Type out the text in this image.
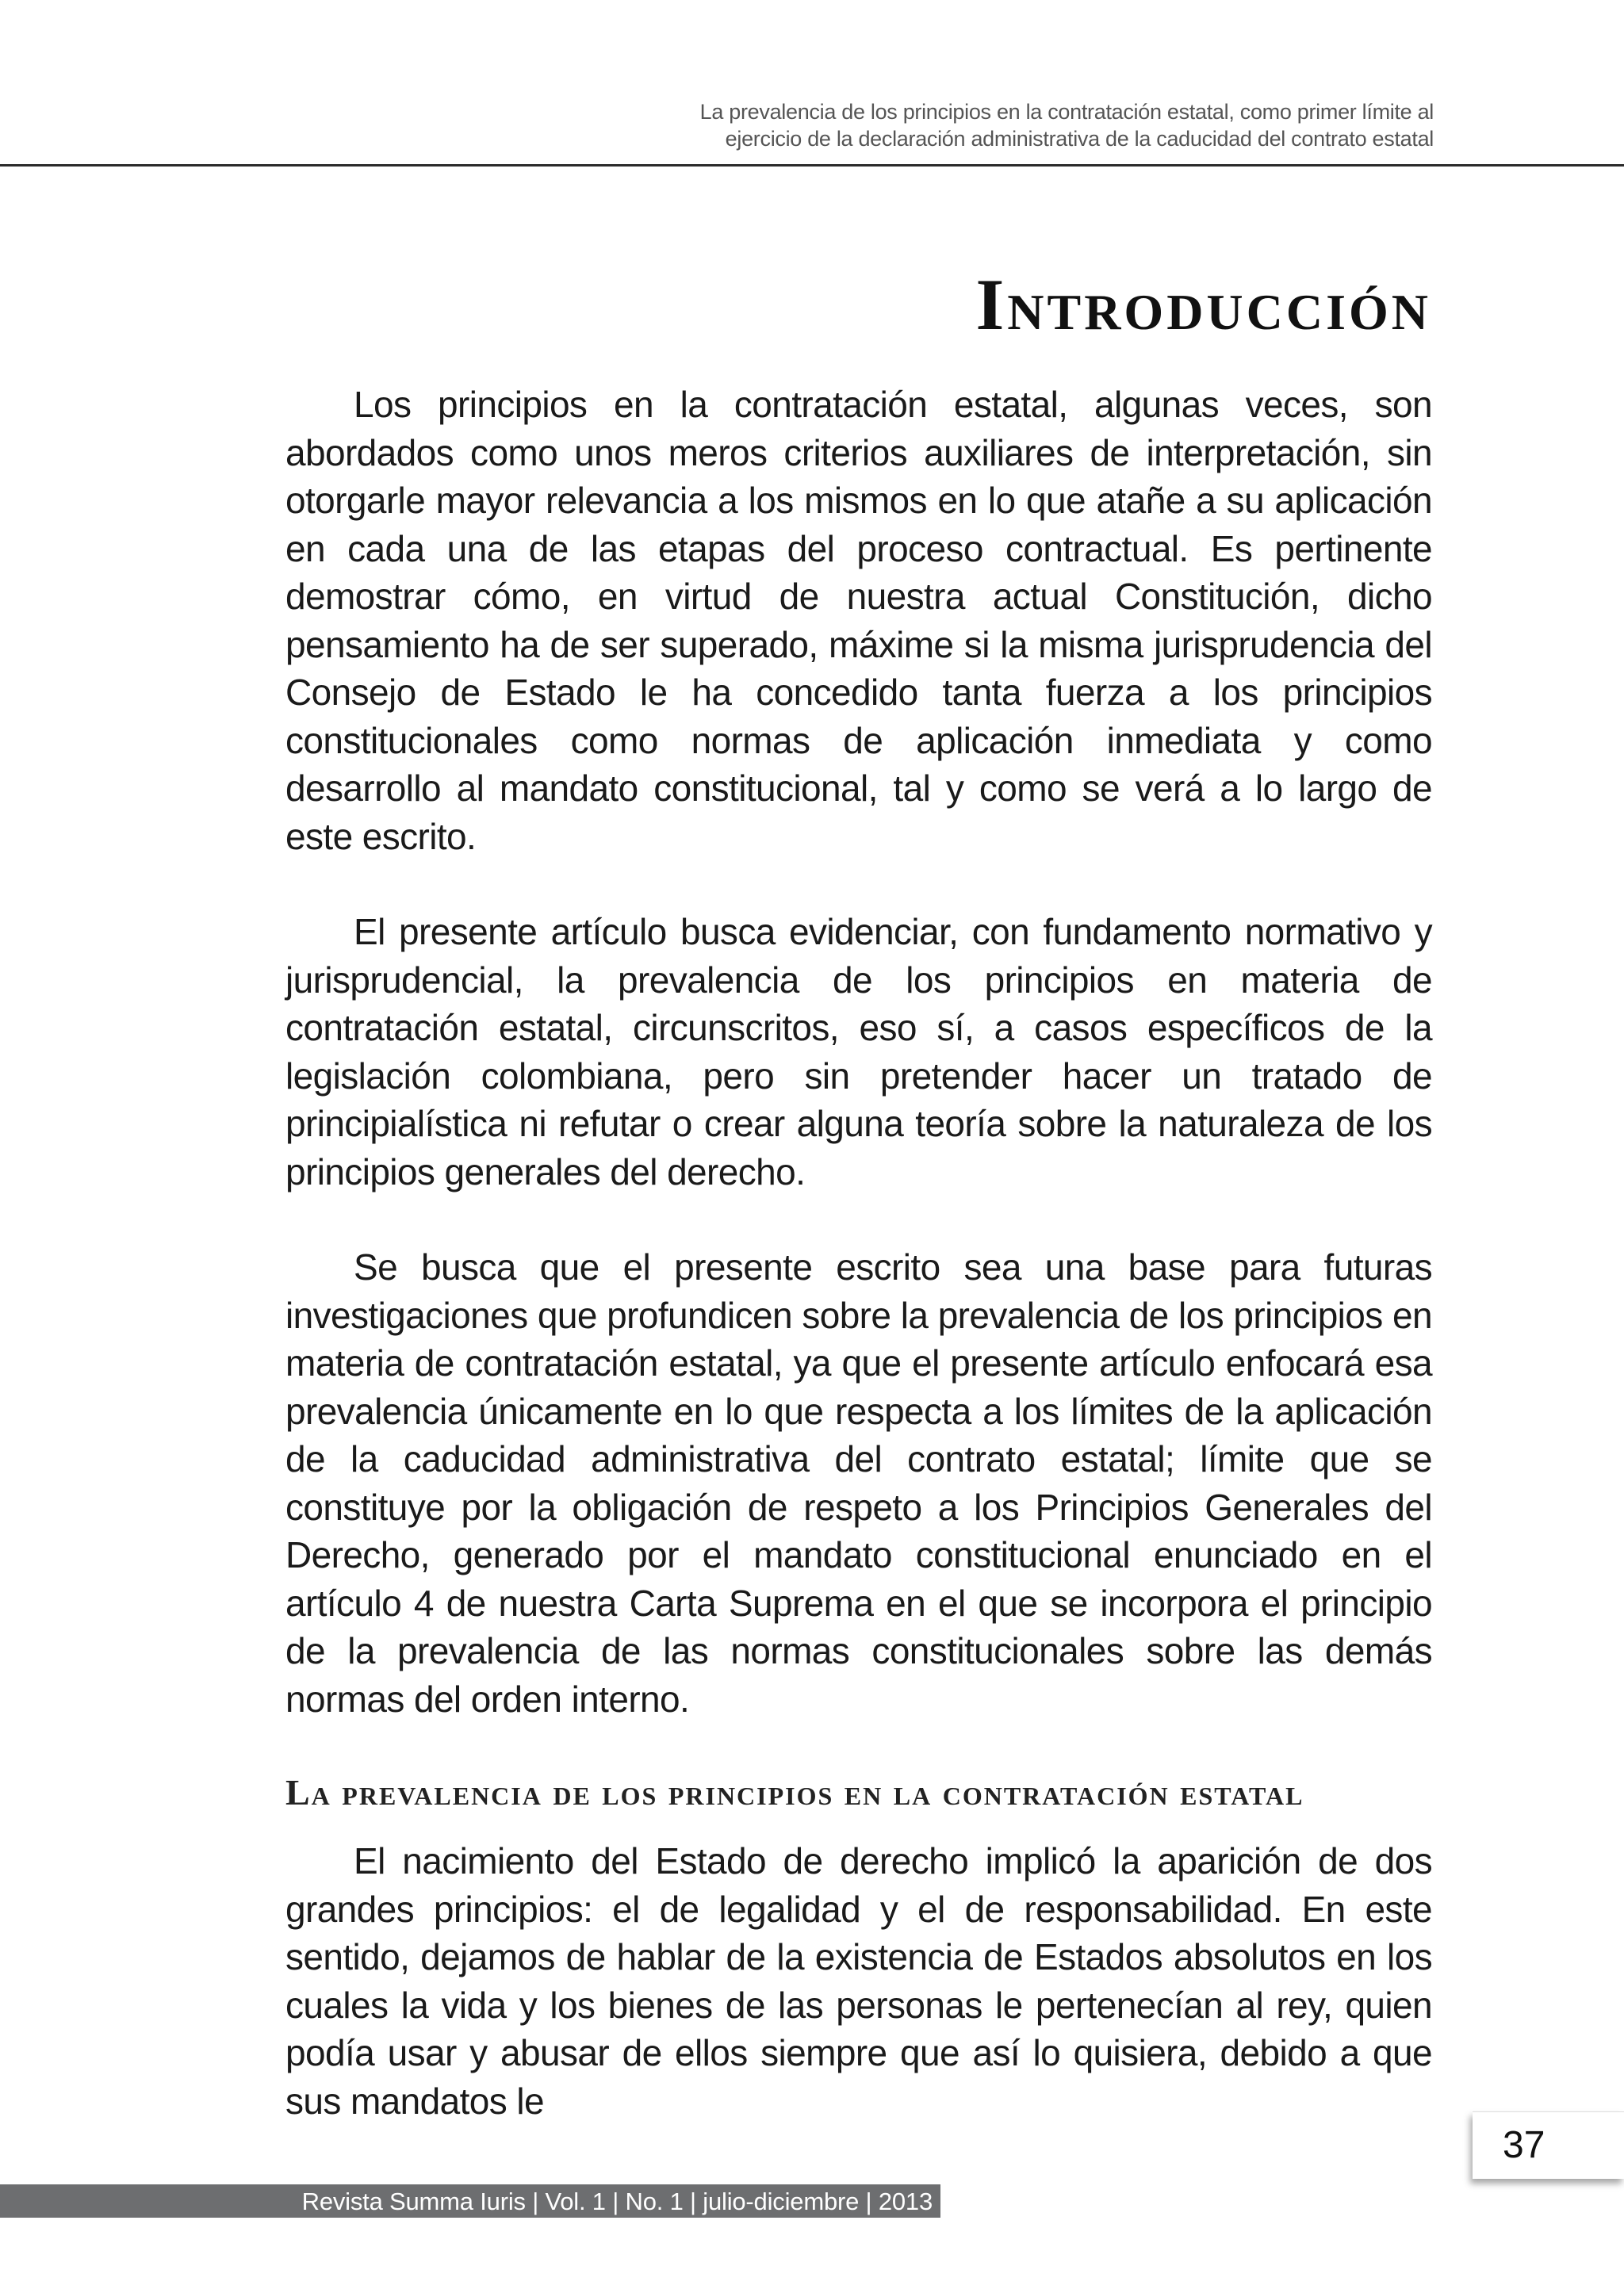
La prevalencia de los principios en la contratación estatal, como primer límite al
ejercicio de la declaración administrativa de la caducidad del contrato estatal
Introducción

Los principios en la contratación estatal, algunas veces, son abordados como unos meros criterios auxiliares de interpretación, sin otorgarle mayor relevancia a los mismos en lo que atañe a su aplicación en cada una de las etapas del proceso contractual. Es pertinente demostrar cómo, en virtud de nuestra actual Constitución, dicho pensamiento ha de ser superado, máxime si la misma jurisprudencia del Consejo de Estado le ha concedido tanta fuerza a los principios constitucionales como normas de aplicación inmediata y como desarrollo al mandato constitucional, tal y como se verá a lo largo de este escrito.

El presente artículo busca evidenciar, con fundamento normativo y jurisprudencial, la prevalencia de los principios en materia de contratación estatal, circunscritos, eso sí, a casos específicos de la legislación colombiana, pero sin pretender hacer un tratado de principialística ni refutar o crear alguna teoría sobre la naturaleza de los principios generales del derecho.

Se busca que el presente escrito sea una base para futuras investigaciones que profundicen sobre la prevalencia de los principios en materia de contratación estatal, ya que el presente artículo enfocará esa prevalencia únicamente en lo que respecta a los límites de la aplicación de la caducidad administrativa del contrato estatal; límite que se constituye por la obligación de respeto a los Principios Generales del Derecho, generado por el mandato constitucional enunciado en el artículo 4 de nuestra Carta Suprema en el que se incorpora el principio de la prevalencia de las normas constitucionales sobre las demás normas del orden interno.

La prevalencia de los principios en la contratación estatal

El nacimiento del Estado de derecho implicó la aparición de dos grandes principios: el de legalidad y el de responsabilidad. En este sentido, dejamos de hablar de la existencia de Estados absolutos en los cuales la vida y los bienes de las personas le pertenecían al rey, quien podía usar y abusar de ellos siempre que así lo quisiera, debido a que sus mandatos le

37
Revista Summa Iuris | Vol. 1 | No. 1 | julio-diciembre | 2013
